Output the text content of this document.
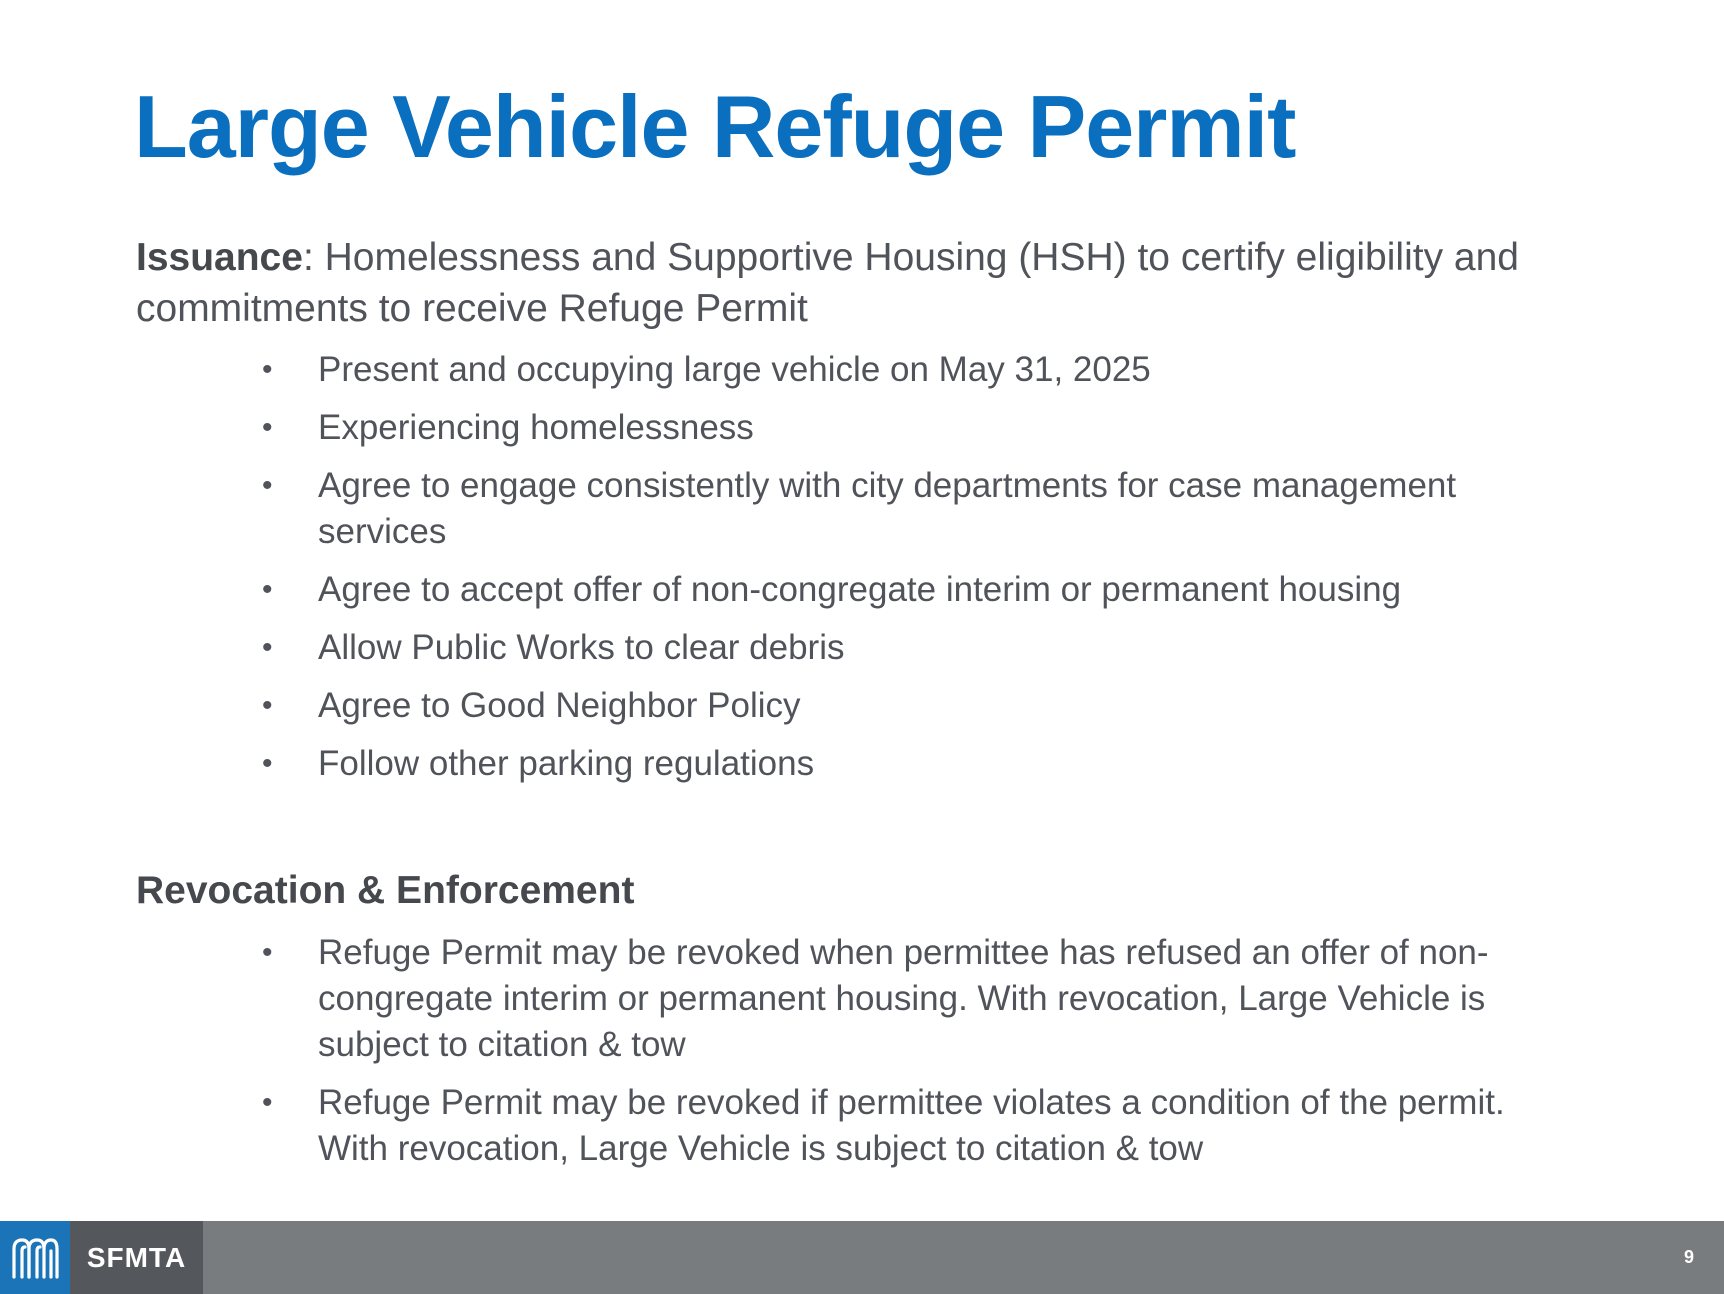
Large Vehicle Refuge Permit

Issuance: Homelessness and Supportive Housing (HSH) to certify eligibility and commitments to receive Refuge Permit

• Present and occupying large vehicle on May 31, 2025
• Experiencing homelessness
• Agree to engage consistently with city departments for case management services
• Agree to accept offer of non-congregate interim or permanent housing
• Allow Public Works to clear debris
• Agree to Good Neighbor Policy
• Follow other parking regulations
Revocation & Enforcement
• Refuge Permit may be revoked when permittee has refused an offer of non-congregate interim or permanent housing. With revocation, Large Vehicle is subject to citation & tow
• Refuge Permit may be revoked if permittee violates a condition of the permit. With revocation, Large Vehicle is subject to citation & tow
SFMTA	9
